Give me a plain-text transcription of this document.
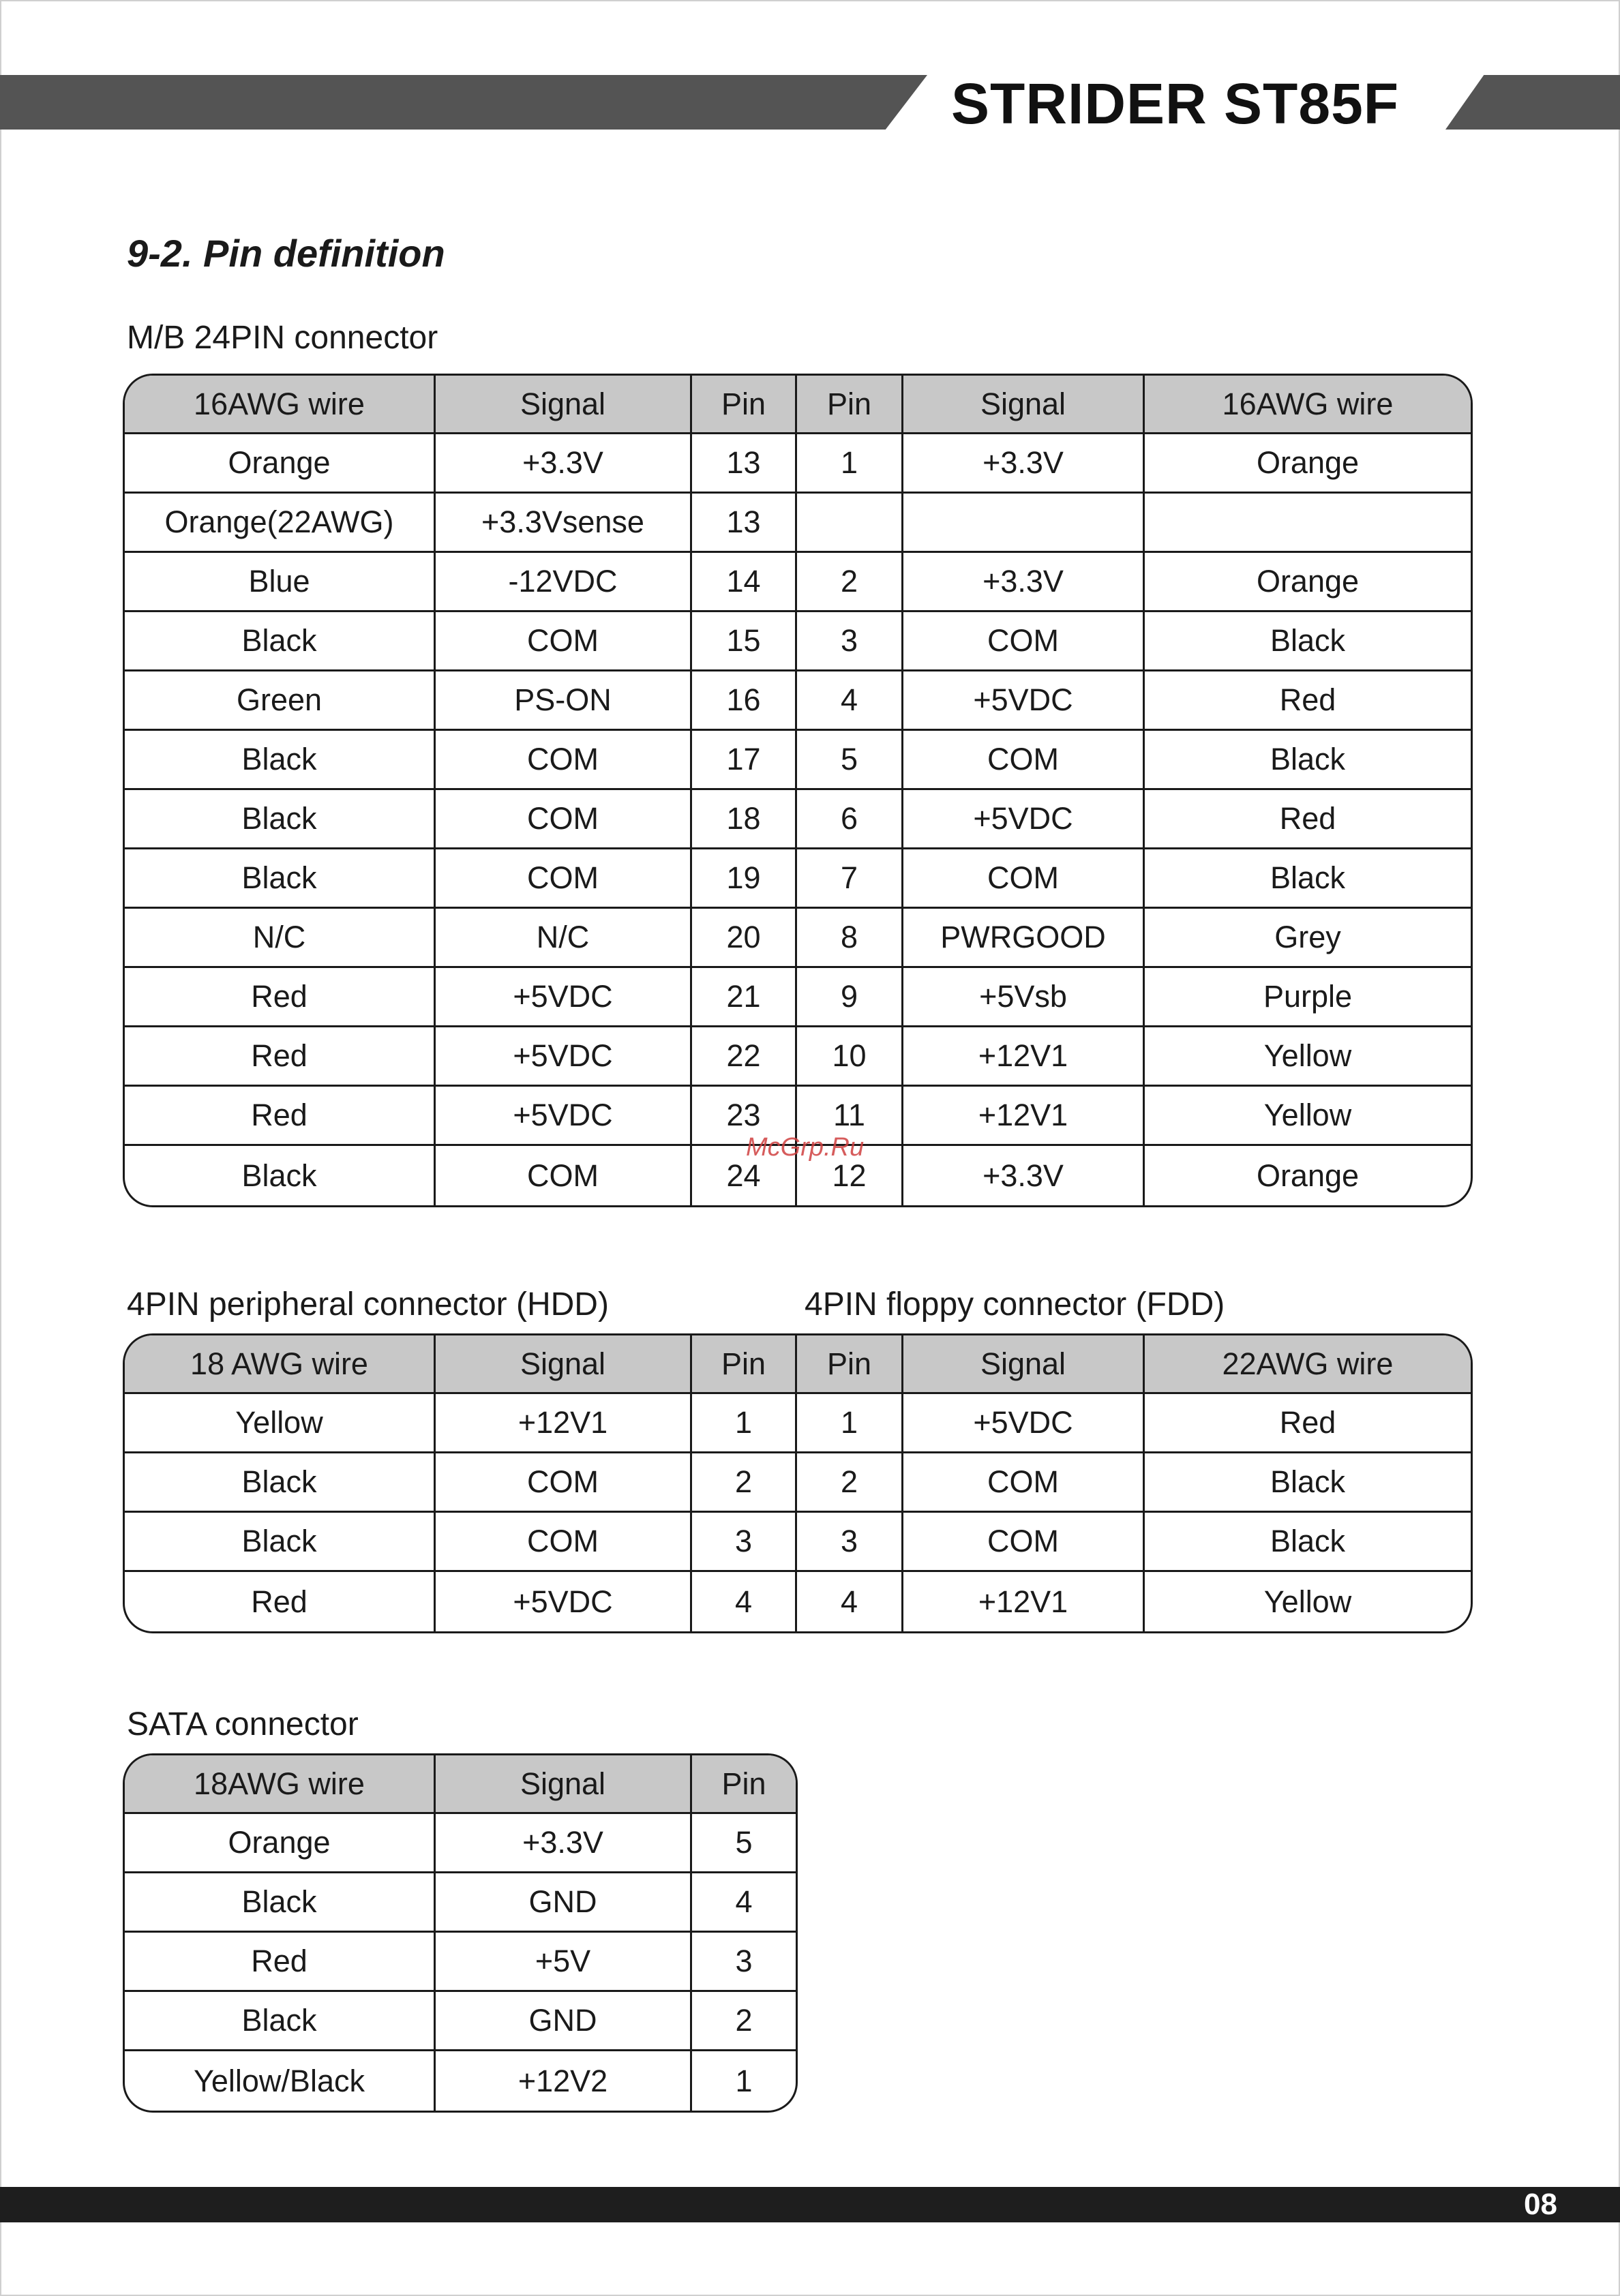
STRIDER ST85F
9-2. Pin definition
M/B 24PIN connector
16AWG wire	Signal	Pin	Pin	Signal	16AWG wire
Orange	+3.3V	13	1	+3.3V	Orange
Orange(22AWG)	+3.3Vsense	13			
Blue	-12VDC	14	2	+3.3V	Orange
Black	COM	15	3	COM	Black
Green	PS-ON	16	4	+5VDC	Red
Black	COM	17	5	COM	Black
Black	COM	18	6	+5VDC	Red
Black	COM	19	7	COM	Black
N/C	N/C	20	8	PWRGOOD	Grey
Red	+5VDC	21	9	+5Vsb	Purple
Red	+5VDC	22	10	+12V1	Yellow
Red	+5VDC	23	11	+12V1	Yellow
Black	COM	24	12	+3.3V	Orange
4PIN peripheral connector (HDD)	4PIN floppy connector (FDD)
18 AWG wire	Signal	Pin	Pin	Signal	22AWG wire
Yellow	+12V1	1	1	+5VDC	Red
Black	COM	2	2	COM	Black
Black	COM	3	3	COM	Black
Red	+5VDC	4	4	+12V1	Yellow
SATA connector
18AWG wire	Signal	Pin
Orange	+3.3V	5
Black	GND	4
Red	+5V	3
Black	GND	2
Yellow/Black	+12V2	1
McGrp.Ru
08
